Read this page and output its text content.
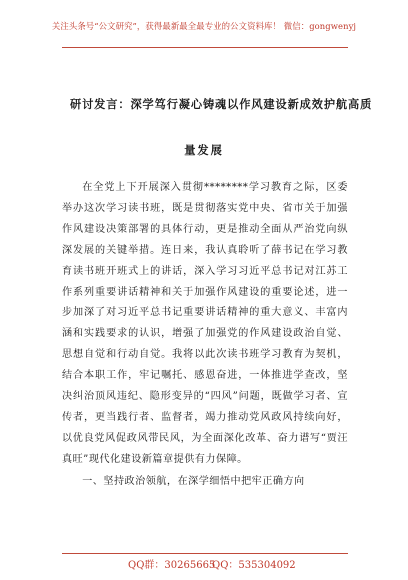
关注头条号“公文研究”，获得最新最全最专业的公文资料库！ 微信：gongwenyj
研讨发言：深学笃行凝心铸魂以作风建设新成效护航高质
量发展

在全党上下开展深入贯彻********学习教育之际，区委举办这次学习读书班，既是贯彻落实党中央、省市关于加强作风建设决策部署的具体行动，更是推动全面从严治党向纵深发展的关键举措。连日来，我认真聆听了薛书记在学习教育读书班开班式上的讲话，深入学习习近平总书记对江苏工作系列重要讲话精神和关于加强作风建设的重要论述，进一步加深了对习近平总书记重要讲话精神的重大意义、丰富内涵和实践要求的认识，增强了加强党的作风建设政治自觉、思想自觉和行动自觉。我将以此次读书班学习教育为契机，结合本职工作，牢记嘱托、感恩奋进，一体推进学查改，坚决纠治顶风违纪、隐形变异的“四风”问题，既做学习者、宣传者，更当践行者、监督者，竭力推动党风政风持续向好，以优良党风促政风带民风，为全面深化改革、奋力谱写“贾汪真旺”现代化建设新篇章提供有力保障。

一、坚持政治领航，在深学细悟中把牢正确方向

QQ群：30265665
QQ：535304092
